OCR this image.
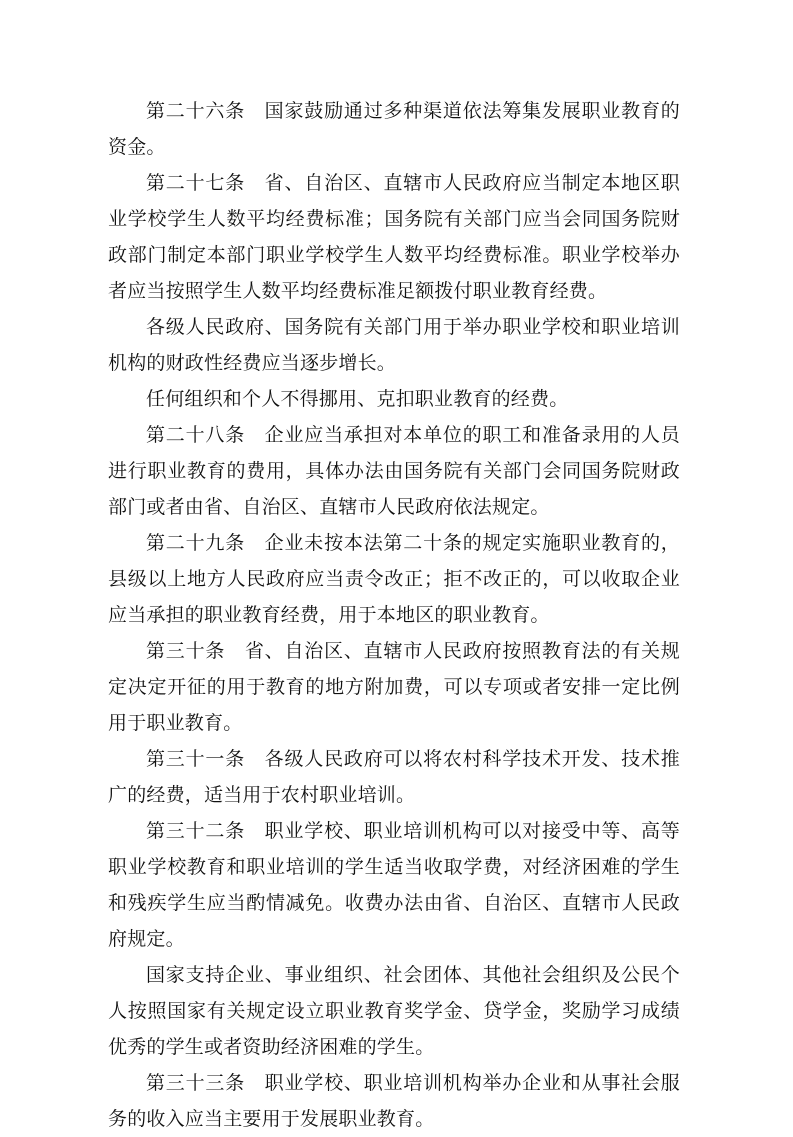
第二十六条 国家鼓励通过多种渠道依法筹集发展职业教育的资金。

第二十七条 省、自治区、直辖市人民政府应当制定本地区职业学校学生人数平均经费标准；国务院有关部门应当会同国务院财政部门制定本部门职业学校学生人数平均经费标准。职业学校举办者应当按照学生人数平均经费标准足额拨付职业教育经费。

各级人民政府、国务院有关部门用于举办职业学校和职业培训机构的财政性经费应当逐步增长。

任何组织和个人不得挪用、克扣职业教育的经费。

第二十八条 企业应当承担对本单位的职工和准备录用的人员进行职业教育的费用，具体办法由国务院有关部门会同国务院财政部门或者由省、自治区、直辖市人民政府依法规定。

第二十九条 企业未按本法第二十条的规定实施职业教育的，县级以上地方人民政府应当责令改正；拒不改正的，可以收取企业应当承担的职业教育经费，用于本地区的职业教育。

第三十条 省、自治区、直辖市人民政府按照教育法的有关规定决定开征的用于教育的地方附加费，可以专项或者安排一定比例用于职业教育。

第三十一条 各级人民政府可以将农村科学技术开发、技术推广的经费，适当用于农村职业培训。

第三十二条 职业学校、职业培训机构可以对接受中等、高等职业学校教育和职业培训的学生适当收取学费，对经济困难的学生和残疾学生应当酌情减免。收费办法由省、自治区、直辖市人民政府规定。

国家支持企业、事业组织、社会团体、其他社会组织及公民个人按照国家有关规定设立职业教育奖学金、贷学金，奖励学习成绩优秀的学生或者资助经济困难的学生。

第三十三条 职业学校、职业培训机构举办企业和从事社会服务的收入应当主要用于发展职业教育。
